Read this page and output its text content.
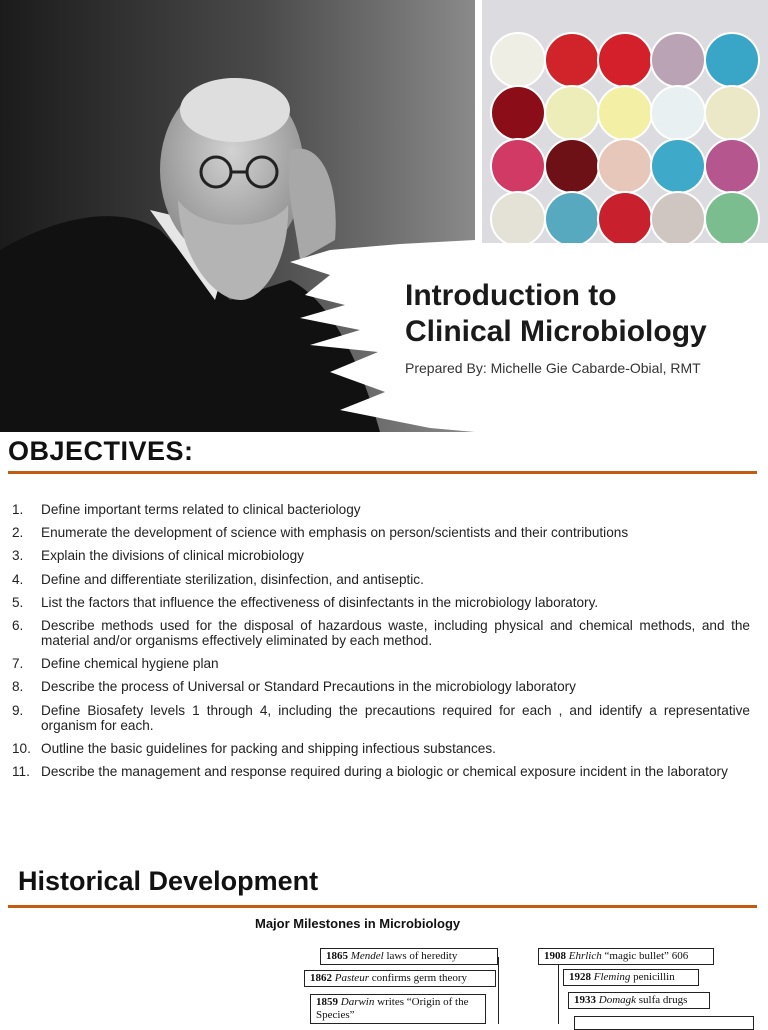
Introduction to
Clinical Microbiology
Prepared By: Michelle Gie Cabarde-Obial, RMT
OBJECTIVES:
1.	Define important terms related to clinical bacteriology
2.	Enumerate the development of science with emphasis on person/scientists and their contributions
3.	Explain the divisions of clinical microbiology
4.	Define and differentiate sterilization, disinfection, and antiseptic.
5.	List the factors that influence the effectiveness of disinfectants in the microbiology laboratory.
6.	Describe methods used for the disposal of hazardous waste, including physical and chemical methods, and the material and/or organisms effectively eliminated by each method.
7.	Define chemical hygiene plan
8.	Describe the process of Universal or Standard Precautions in the microbiology laboratory
9.	Define Biosafety levels 1 through 4, including the precautions required for each , and identify a representative organism for each.
10. Outline the basic guidelines for packing and shipping infectious substances.
11. Describe the management and response required during a biologic or chemical exposure incident in the laboratory
Historical Development
Major Milestones in Microbiology
1865 Mendel laws of heredity
1862 Pasteur confirms germ theory
1859 Darwin writes “Origin of the Species”
1908 Ehrlich “magic bullet” 606
1928 Fleming penicillin
1933 Domagk sulfa drugs
